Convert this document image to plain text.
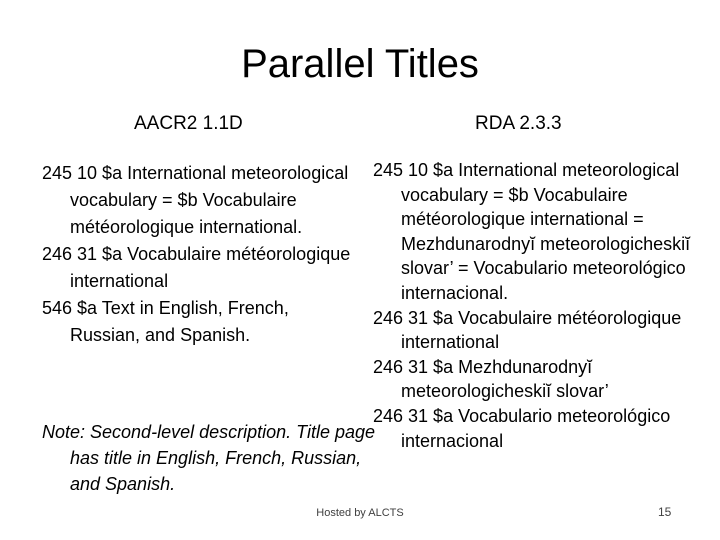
Parallel Titles
AACR2 1.1D	RDA 2.3.3

245 10 $a International meteorological vocabulary = $b Vocabulaire météorologique international.

246 31 $a Vocabulaire météorologique international

546 $a Text in English, French, Russian, and Spanish.

Note: Second-level description. Title page has title in English, French, Russian, and Spanish.

245 10 $a International meteorological vocabulary = $b Vocabulaire météorologique international = Mezhdunarodnyĭ meteorologicheskiĭ slovar’ = Vocabulario meteorológico internacional.

246 31 $a Vocabulaire météorologique international

246 31 $a Mezhdunarodnyĭ meteorologicheskiĭ slovar’

246 31 $a Vocabulario meteorológico internacional

Hosted by ALCTS	15
